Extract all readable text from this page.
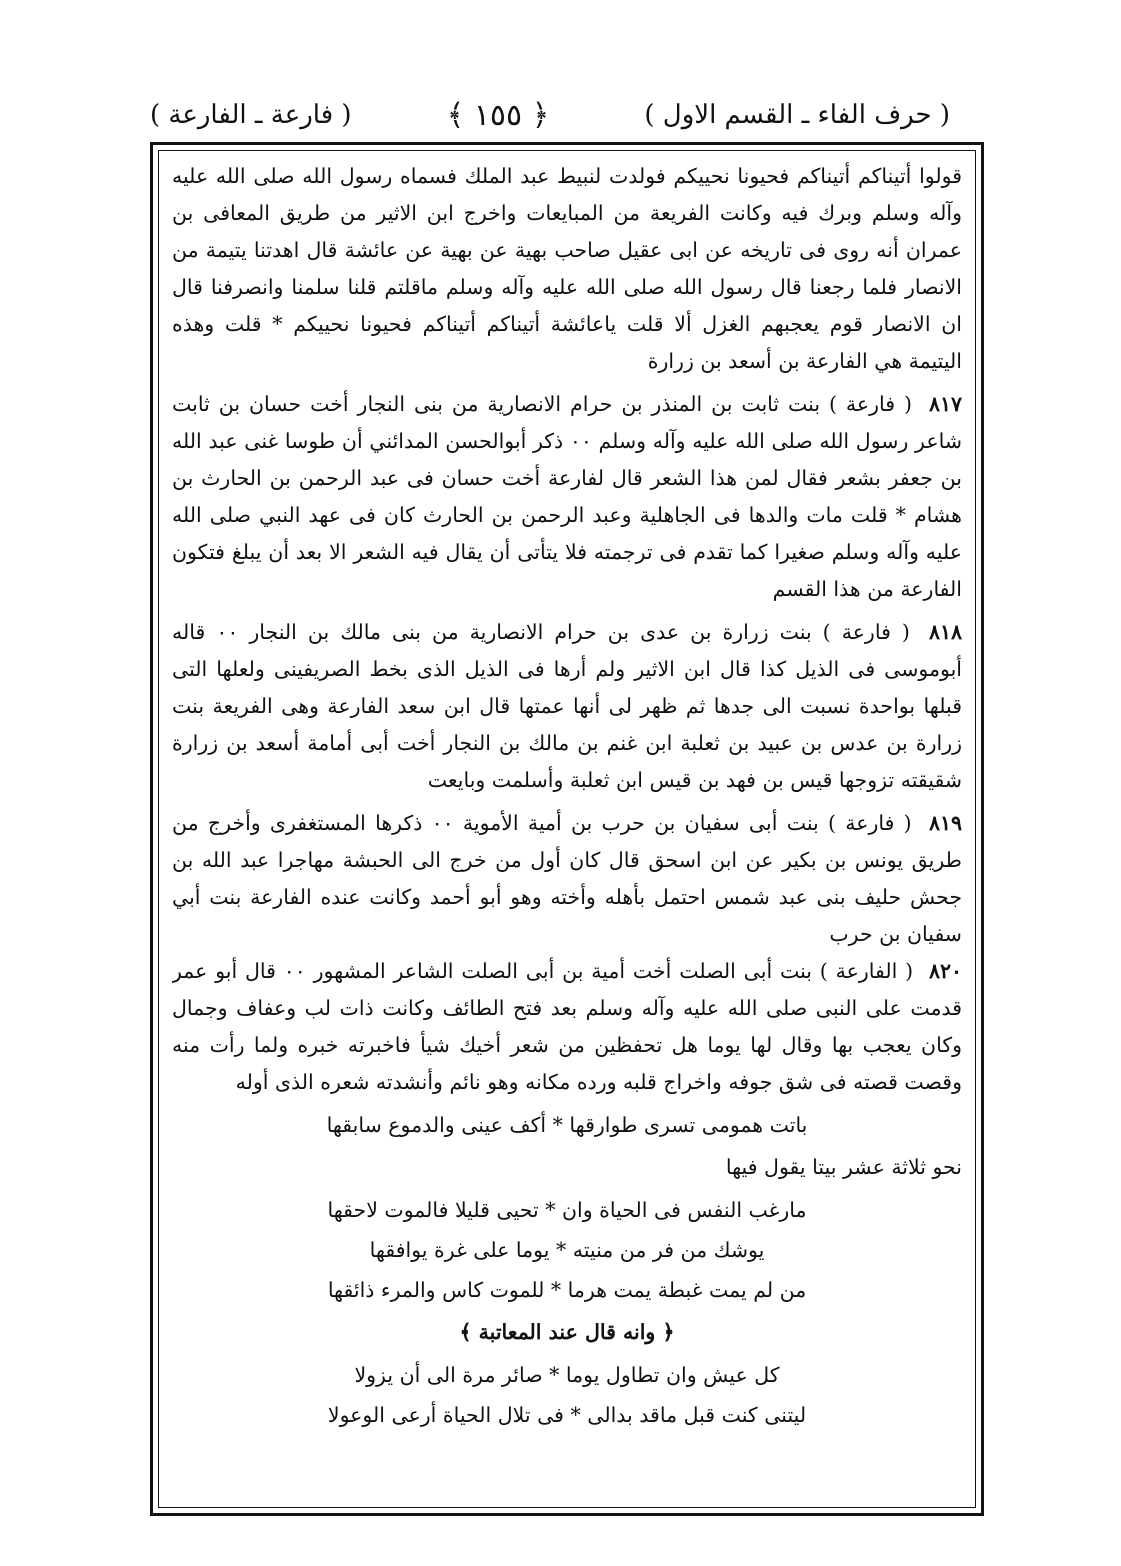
( حرف الفاء ـ القسم الاول )
﴿ ١٥٥ ﴾
( فارعة ـ الفارعة )

قولوا أتيناكم أتيناكم فحيونا نحييكم فولدت لنبيط عبد الملك فسماه رسول الله صلى الله عليه وآله وسلم وبرك فيه وكانت الفريعة من المبايعات واخرج ابن الاثير من طريق المعافى بن عمران أنه روى فى تاريخه عن ابى عقيل صاحب بهية عن بهية عن عائشة قال اهدتنا يتيمة من الانصار فلما رجعنا قال رسول الله صلى الله عليه وآله وسلم ماقلتم قلنا سلمنا وانصرفنا قال ان الانصار قوم يعجبهم الغزل ألا قلت ياعائشة أتيناكم أتيناكم فحيونا نحييكم * قلت وهذه اليتيمة هي الفارعة بن أسعد بن زرارة

٨١٧ ( فارعة ) بنت ثابت بن المنذر بن حرام الانصارية من بنى النجار أخت حسان بن ثابت شاعر رسول الله صلى الله عليه وآله وسلم ٠٠ ذكر أبوالحسن المدائني أن طوسا غنى عبد الله بن جعفر بشعر فقال لمن هذا الشعر قال لفارعة أخت حسان فى عبد الرحمن بن الحارث بن هشام * قلت مات والدها فى الجاهلية وعبد الرحمن بن الحارث كان فى عهد النبي صلى الله عليه وآله وسلم صغيرا كما تقدم فى ترجمته فلا يتأتى أن يقال فيه الشعر الا بعد أن يبلغ فتكون الفارعة من هذا القسم

٨١٨ ( فارعة ) بنت زرارة بن عدى بن حرام الانصارية من بنى مالك بن النجار ٠٠ قاله أبوموسى فى الذيل كذا قال ابن الاثير ولم أرها فى الذيل الذى بخط الصريفينى ولعلها التى قبلها بواحدة نسبت الى جدها ثم ظهر لى أنها عمتها قال ابن سعد الفارعة وهى الفريعة بنت زرارة بن عدس بن عبيد بن ثعلبة ابن غنم بن مالك بن النجار أخت أبى أمامة أسعد بن زرارة شقيقته تزوجها قيس بن فهد بن قيس ابن ثعلبة وأسلمت وبايعت

٨١٩ ( فارعة ) بنت أبى سفيان بن حرب بن أمية الأموية ٠٠ ذكرها المستغفرى وأخرج من طريق يونس بن بكير عن ابن اسحق قال كان أول من خرج الى الحبشة مهاجرا عبد الله بن جحش حليف بنى عبد شمس احتمل بأهله وأخته وهو أبو أحمد وكانت عنده الفارعة بنت أبي سفيان بن حرب

٨٢٠ ( الفارعة ) بنت أبى الصلت أخت أمية بن أبى الصلت الشاعر المشهور ٠٠ قال أبو عمر قدمت على النبى صلى الله عليه وآله وسلم بعد فتح الطائف وكانت ذات لب وعفاف وجمال وكان يعجب بها وقال لها يوما هل تحفظين من شعر أخيك شيأ فاخبرته خبره ولما رأت منه وقصت قصته فى شق جوفه واخراج قلبه ورده مكانه وهو نائم وأنشدته شعره الذى أوله

باتت همومى تسرى طوارقها * أكف عينى والدموع سابقها

نحو ثلاثة عشر بيتا يقول فيها

مارغب النفس فى الحياة وان * تحيى قليلا فالموت لاحقها
يوشك من فر من منيته * يوما على غرة يوافقها
من لم يمت غبطة يمت هرما * للموت كاس والمرء ذائقها

﴿ وانه قال عند المعاتبة ﴾

كل عيش وان تطاول يوما * صائر مرة الى أن يزولا
ليتنى كنت قبل ماقد بدالى * فى تلال الحياة أرعى الوعولا
